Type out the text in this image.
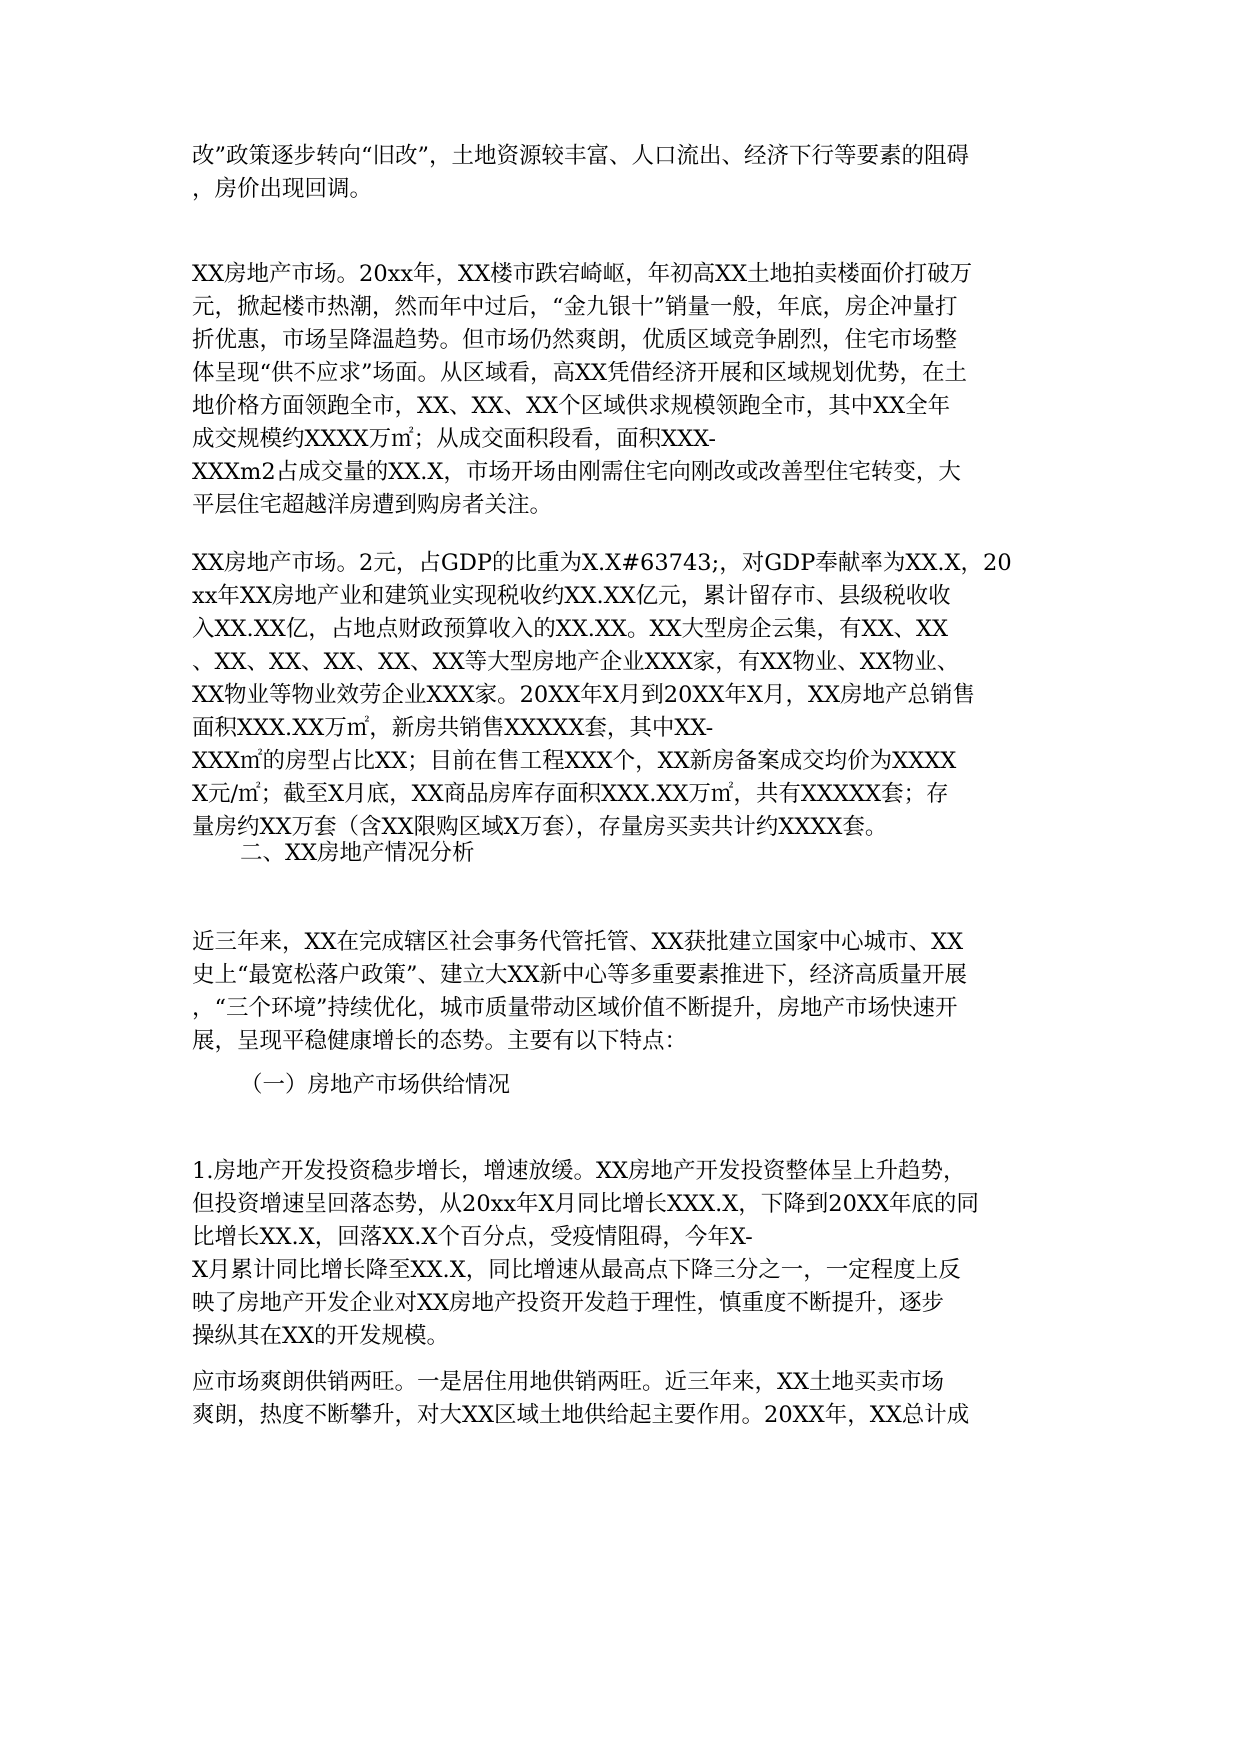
改”政策逐步转向“旧改”，土地资源较丰富、人口流出、经济下行等要素的阻碍
，房价出现回调。
XX房地产市场。20xx年，XX楼市跌宕崎岖，年初高XX土地拍卖楼面价打破万
元，掀起楼市热潮，然而年中过后，“金九银十”销量一般，年底，房企冲量打
折优惠，市场呈降温趋势。但市场仍然爽朗，优质区域竞争剧烈，住宅市场整
体呈现“供不应求”场面。从区域看，高XX凭借经济开展和区域规划优势，在土
地价格方面领跑全市，XX、XX、XX个区域供求规模领跑全市，其中XX全年
成交规模约XXXX万㎡；从成交面积段看，面积XXX-
XXXm2占成交量的XX.X，市场开场由刚需住宅向刚改或改善型住宅转变，大
平层住宅超越洋房遭到购房者关注。
XX房地产市场。2元，占GDP的比重为X.X#63743;，对GDP奉献率为XX.X，20
xx年XX房地产业和建筑业实现税收约XX.XX亿元，累计留存市、县级税收收
入XX.XX亿，占地点财政预算收入的XX.XX。XX大型房企云集，有XX、XX
、XX、XX、XX、XX、XX等大型房地产企业XXX家，有XX物业、XX物业、
XX物业等物业效劳企业XXX家。20XX年X月到20XX年X月，XX房地产总销售
面积XXX.XX万㎡，新房共销售XXXXX套，其中XX-
XXX㎡的房型占比XX；目前在售工程XXX个，XX新房备案成交均价为XXXX
X元/㎡；截至X月底，XX商品房库存面积XXX.XX万㎡，共有XXXXX套；存
量房约XX万套（含XX限购区域X万套），存量房买卖共计约XXXX套。
二、XX房地产情况分析
近三年来，XX在完成辖区社会事务代管托管、XX获批建立国家中心城市、XX
史上“最宽松落户政策”、建立大XX新中心等多重要素推进下，经济高质量开展
，“三个环境”持续优化，城市质量带动区域价值不断提升，房地产市场快速开
展，呈现平稳健康增长的态势。主要有以下特点：
（一）房地产市场供给情况
1.房地产开发投资稳步增长，增速放缓。XX房地产开发投资整体呈上升趋势，
但投资增速呈回落态势，从20xx年X月同比增长XXX.X，下降到20XX年底的同
比增长XX.X，回落XX.X个百分点，受疫情阻碍，今年X-
X月累计同比增长降至XX.X，同比增速从最高点下降三分之一，一定程度上反
映了房地产开发企业对XX房地产投资开发趋于理性，慎重度不断提升，逐步
操纵其在XX的开发规模。
应市场爽朗供销两旺。一是居住用地供销两旺。近三年来，XX土地买卖市场
爽朗，热度不断攀升，对大XX区域土地供给起主要作用。20XX年，XX总计成
